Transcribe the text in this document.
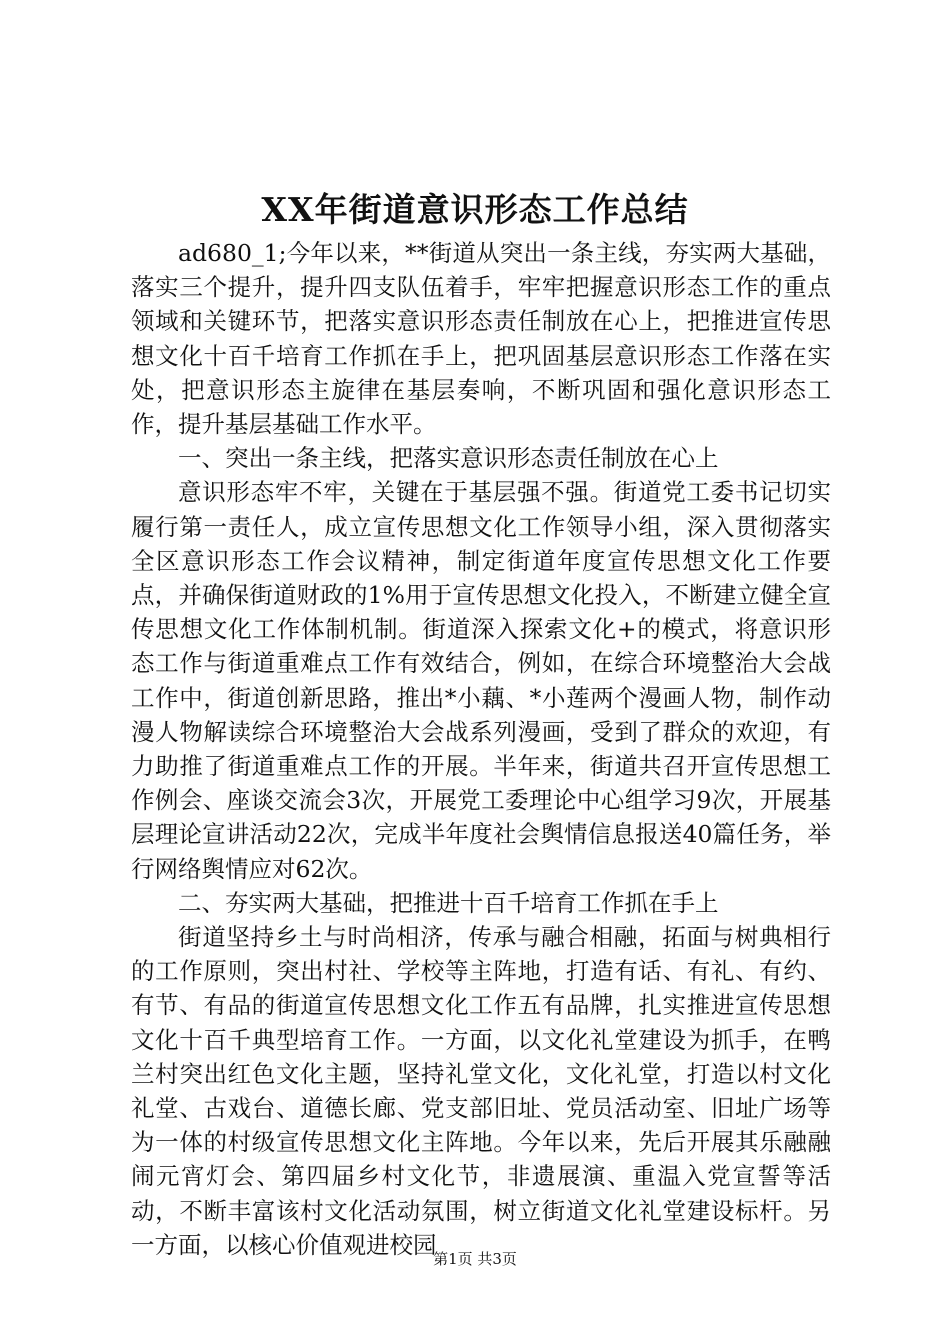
XX年街道意识形态工作总结

ad680_1;今年以来，**街道从突出一条主线，夯实两大基础，落实三个提升，提升四支队伍着手，牢牢把握意识形态工作的重点领域和关键环节，把落实意识形态责任制放在心上，把推进宣传思想文化十百千培育工作抓在手上，把巩固基层意识形态工作落在实处，把意识形态主旋律在基层奏响，不断巩固和强化意识形态工作，提升基层基础工作水平。

一、突出一条主线，把落实意识形态责任制放在心上

意识形态牢不牢，关键在于基层强不强。街道党工委书记切实履行第一责任人，成立宣传思想文化工作领导小组，深入贯彻落实全区意识形态工作会议精神，制定街道年度宣传思想文化工作要点，并确保街道财政的1%用于宣传思想文化投入，不断建立健全宣传思想文化工作体制机制。街道深入探索文化+的模式，将意识形态工作与街道重难点工作有效结合，例如，在综合环境整治大会战工作中，街道创新思路，推出*小藕、*小莲两个漫画人物，制作动漫人物解读综合环境整治大会战系列漫画，受到了群众的欢迎，有力助推了街道重难点工作的开展。半年来，街道共召开宣传思想工作例会、座谈交流会3次，开展党工委理论中心组学习9次，开展基层理论宣讲活动22次，完成半年度社会舆情信息报送40篇任务，举行网络舆情应对62次。

二、夯实两大基础，把推进十百千培育工作抓在手上

街道坚持乡土与时尚相济，传承与融合相融，拓面与树典相行的工作原则，突出村社、学校等主阵地，打造有话、有礼、有约、有节、有品的街道宣传思想文化工作五有品牌，扎实推进宣传思想文化十百千典型培育工作。一方面，以文化礼堂建设为抓手，在鸭兰村突出红色文化主题，坚持礼堂文化，文化礼堂，打造以村文化礼堂、古戏台、道德长廊、党支部旧址、党员活动室、旧址广场等为一体的村级宣传思想文化主阵地。今年以来，先后开展其乐融融闹元宵灯会、第四届乡村文化节，非遗展演、重温入党宣誓等活动，不断丰富该村文化活动氛围，树立街道文化礼堂建设标杆。另一方面，以核心价值观进校园

第1页 共3页
